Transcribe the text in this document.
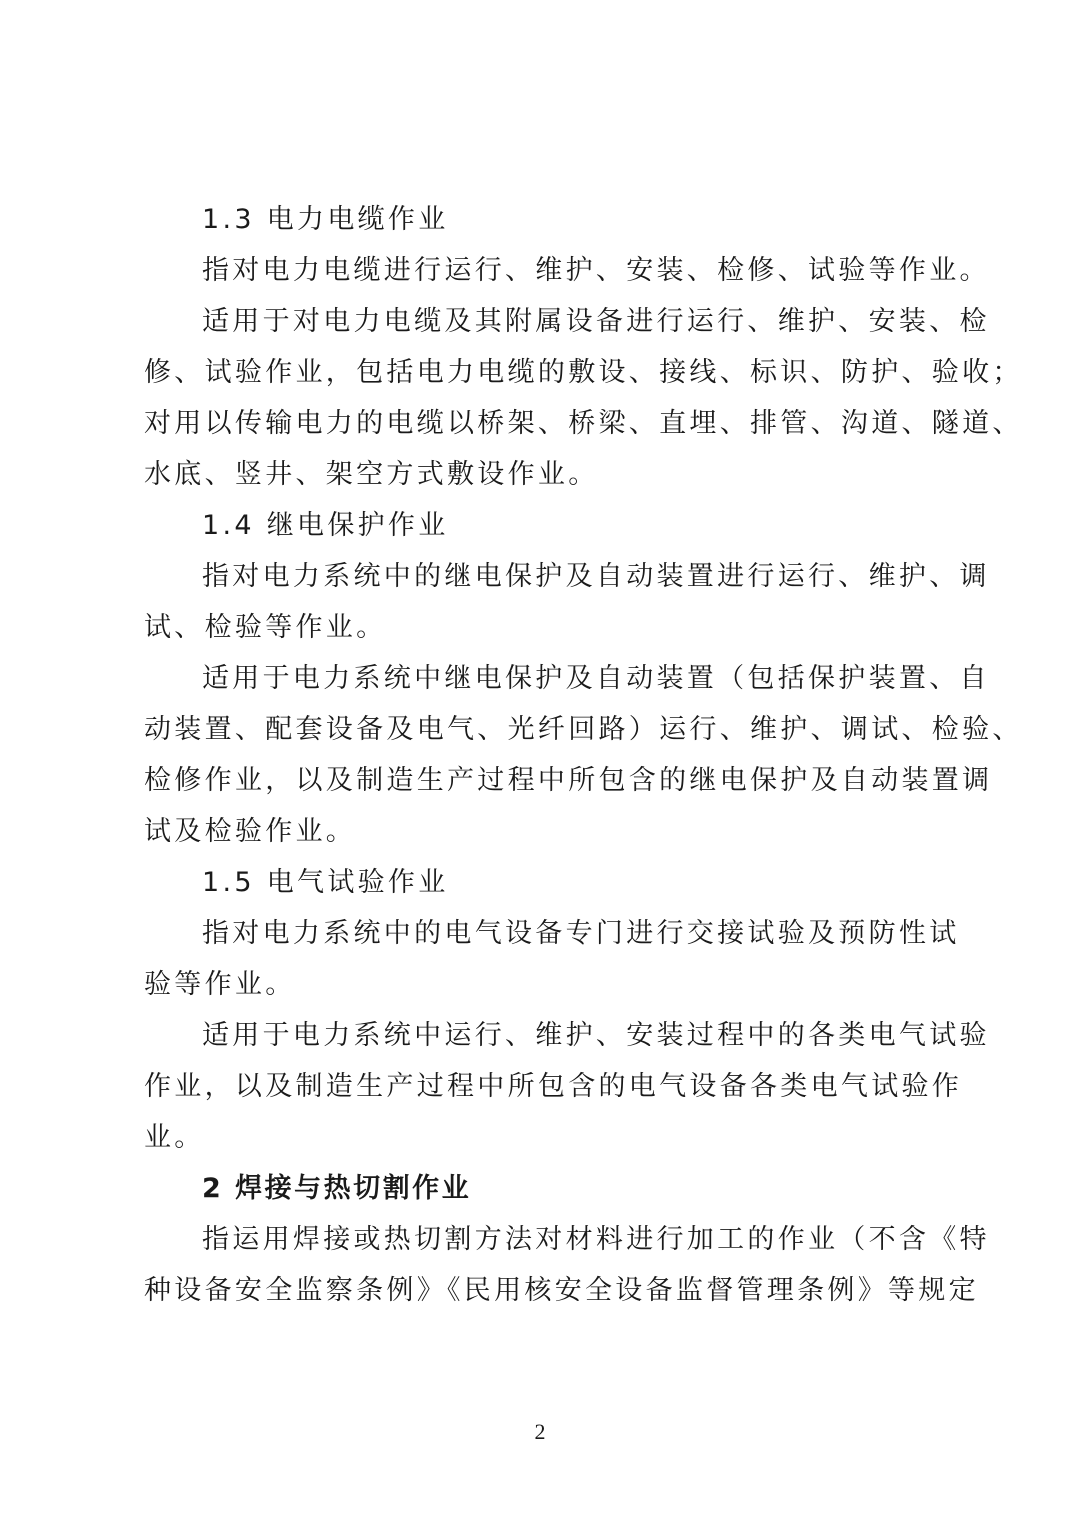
1.3 电力电缆作业
指对电力电缆进行运行、维护、安装、检修、试验等作业。
适用于对电力电缆及其附属设备进行运行、维护、安装、检
修、试验作业，包括电力电缆的敷设、接线、标识、防护、验收；
对用以传输电力的电缆以桥架、桥梁、直埋、排管、沟道、隧道、
水底、竖井、架空方式敷设作业。
1.4 继电保护作业
指对电力系统中的继电保护及自动装置进行运行、维护、调
试、检验等作业。
适用于电力系统中继电保护及自动装置（包括保护装置、自
动装置、配套设备及电气、光纤回路）运行、维护、调试、检验、
检修作业，以及制造生产过程中所包含的继电保护及自动装置调
试及检验作业。
1.5 电气试验作业
指对电力系统中的电气设备专门进行交接试验及预防性试
验等作业。
适用于电力系统中运行、维护、安装过程中的各类电气试验
作业，以及制造生产过程中所包含的电气设备各类电气试验作
业。
2 焊接与热切割作业
指运用焊接或热切割方法对材料进行加工的作业（不含《特
种设备安全监察条例》《民用核安全设备监督管理条例》等规定
2
